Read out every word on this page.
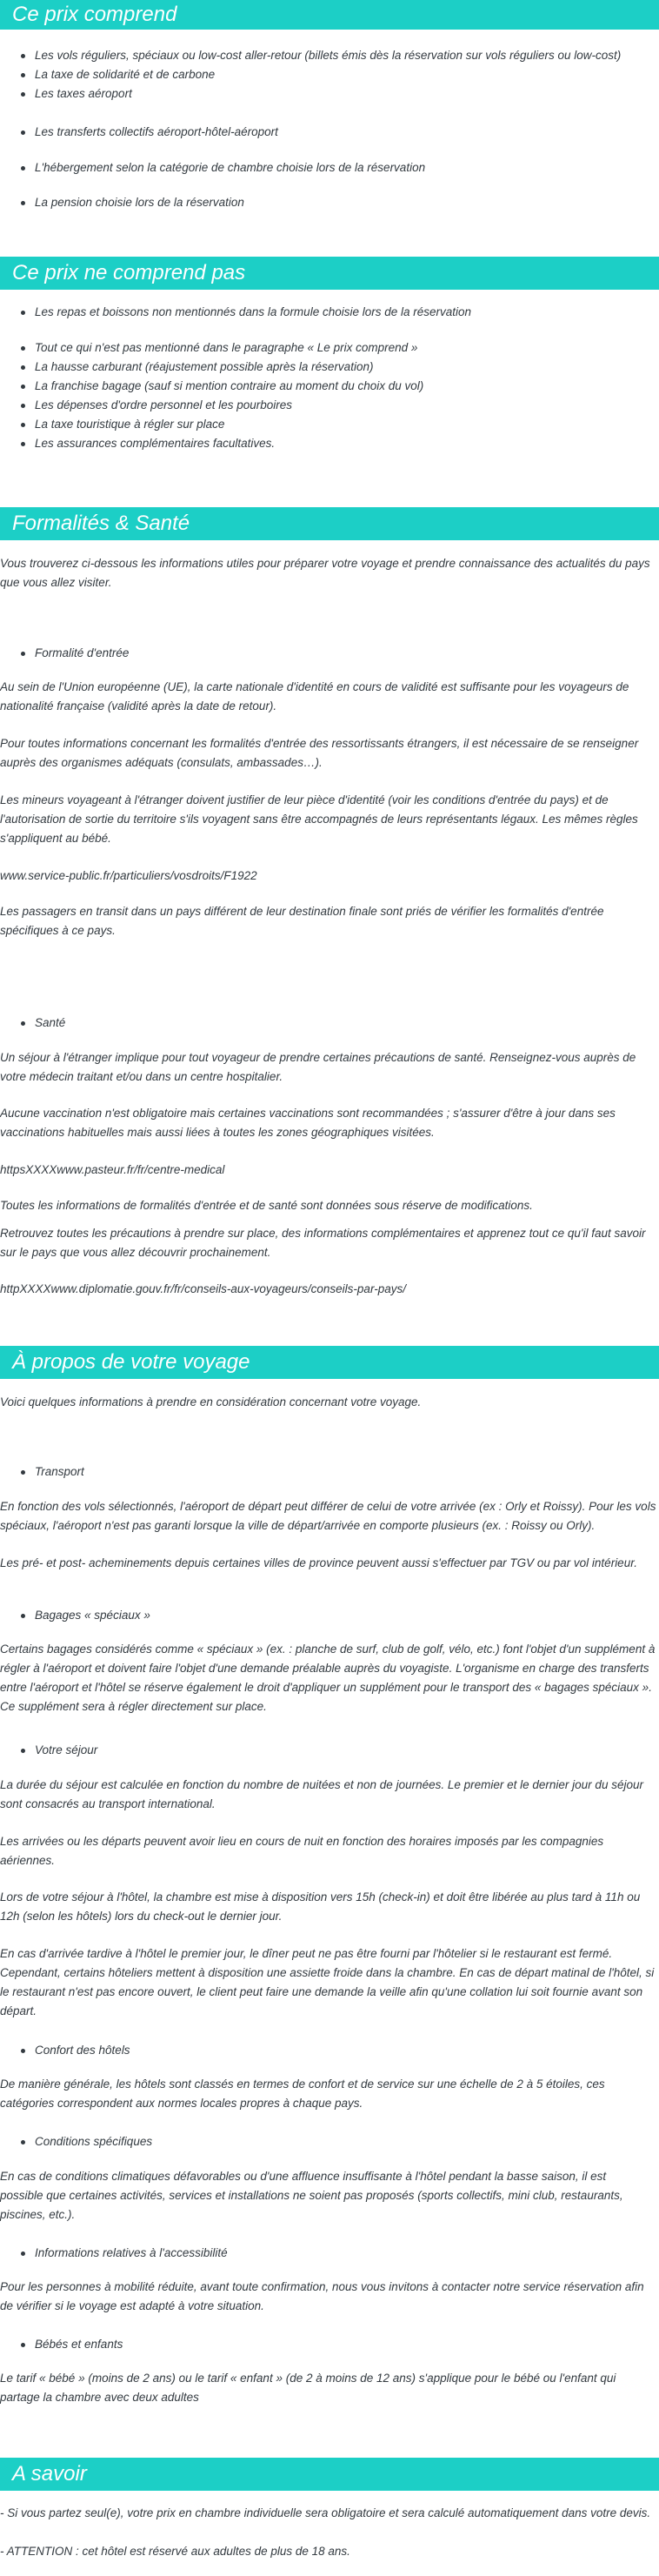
Ce prix comprend
Les vols réguliers, spéciaux ou low-cost aller-retour (billets émis dès la réservation sur vols réguliers ou low-cost)
La taxe de solidarité et de carbone
Les taxes aéroport
Les transferts collectifs aéroport-hôtel-aéroport
L'hébergement selon la catégorie de chambre choisie lors de la réservation
La pension choisie lors de la réservation
Ce prix ne comprend pas
Les repas et boissons non mentionnés dans la formule choisie lors de la réservation
Tout ce qui n'est pas mentionné dans le paragraphe « Le prix comprend »
La hausse carburant (réajustement possible après la réservation)
La franchise bagage (sauf si mention contraire au moment du choix du vol)
Les dépenses d'ordre personnel et les pourboires
La taxe touristique à régler sur place
Les assurances complémentaires facultatives.
Formalités & Santé

Vous trouverez ci-dessous les informations utiles pour préparer votre voyage et prendre connaissance des actualités du pays que vous allez visiter.

Formalité d'entrée

Au sein de l'Union européenne (UE), la carte nationale d'identité en cours de validité est suffisante pour les voyageurs de nationalité française (validité après la date de retour).

Pour toutes informations concernant les formalités d'entrée des ressortissants étrangers, il est nécessaire de se renseigner auprès des organismes adéquats (consulats, ambassades…).

Les mineurs voyageant à l'étranger doivent justifier de leur pièce d'identité (voir les conditions d'entrée du pays) et de l'autorisation de sortie du territoire s'ils voyagent sans être accompagnés de leurs représentants légaux. Les mêmes règles s'appliquent au bébé.

www.service-public.fr/particuliers/vosdroits/F1922

Les passagers en transit dans un pays différent de leur destination finale sont priés de vérifier les formalités d'entrée spécifiques à ce pays.

Santé

Un séjour à l'étranger implique pour tout voyageur de prendre certaines précautions de santé. Renseignez-vous auprès de votre médecin traitant et/ou dans un centre hospitalier.

Aucune vaccination n'est obligatoire mais certaines vaccinations sont recommandées ; s'assurer d'être à jour dans ses vaccinations habituelles mais aussi liées à toutes les zones géographiques visitées.

httpsXXXXwww.pasteur.fr/fr/centre-medical

Toutes les informations de formalités d'entrée et de santé sont données sous réserve de modifications.

Retrouvez toutes les précautions à prendre sur place, des informations complémentaires et apprenez tout ce qu'il faut savoir sur le pays que vous allez découvrir prochainement.

httpXXXXwww.diplomatie.gouv.fr/fr/conseils-aux-voyageurs/conseils-par-pays/

À propos de votre voyage

Voici quelques informations à prendre en considération concernant votre voyage.

Transport

En fonction des vols sélectionnés, l'aéroport de départ peut différer de celui de votre arrivée (ex : Orly et Roissy). Pour les vols spéciaux, l'aéroport n'est pas garanti lorsque la ville de départ/arrivée en comporte plusieurs (ex. : Roissy ou Orly).

Les pré- et post- acheminements depuis certaines villes de province peuvent aussi s'effectuer par TGV ou par vol intérieur.

Bagages « spéciaux »

Certains bagages considérés comme « spéciaux » (ex. : planche de surf, club de golf, vélo, etc.) font l'objet d'un supplément à régler à l'aéroport et doivent faire l'objet d'une demande préalable auprès du voyagiste. L'organisme en charge des transferts entre l'aéroport et l'hôtel se réserve également le droit d'appliquer un supplément pour le transport des « bagages spéciaux ». Ce supplément sera à régler directement sur place.

Votre séjour

La durée du séjour est calculée en fonction du nombre de nuitées et non de journées. Le premier et le dernier jour du séjour sont consacrés au transport international.

Les arrivées ou les départs peuvent avoir lieu en cours de nuit en fonction des horaires imposés par les compagnies aériennes.

Lors de votre séjour à l'hôtel, la chambre est mise à disposition vers 15h (check-in) et doit être libérée au plus tard à 11h ou 12h (selon les hôtels) lors du check-out le dernier jour.

En cas d'arrivée tardive à l'hôtel le premier jour, le dîner peut ne pas être fourni par l'hôtelier si le restaurant est fermé. Cependant, certains hôteliers mettent à disposition une assiette froide dans la chambre. En cas de départ matinal de l'hôtel, si le restaurant n'est pas encore ouvert, le client peut faire une demande la veille afin qu'une collation lui soit fournie avant son départ.

Confort des hôtels

De manière générale, les hôtels sont classés en termes de confort et de service sur une échelle de 2 à 5 étoiles, ces catégories correspondent aux normes locales propres à chaque pays.

Conditions spécifiques

En cas de conditions climatiques défavorables ou d'une affluence insuffisante à l'hôtel pendant la basse saison, il est possible que certaines activités, services et installations ne soient pas proposés (sports collectifs, mini club, restaurants, piscines, etc.).

Informations relatives à l'accessibilité

Pour les personnes à mobilité réduite, avant toute confirmation, nous vous invitons à contacter notre service réservation afin de vérifier si le voyage est adapté à votre situation.

Bébés et enfants

Le tarif « bébé » (moins de 2 ans) ou le tarif « enfant » (de 2 à moins de 12 ans) s'applique pour le bébé ou l'enfant qui partage la chambre avec deux adultes

A savoir

- Si vous partez seul(e), votre prix en chambre individuelle sera obligatoire et sera calculé automatiquement dans votre devis.

- ATTENTION : cet hôtel est réservé aux adultes de plus de 18 ans.
